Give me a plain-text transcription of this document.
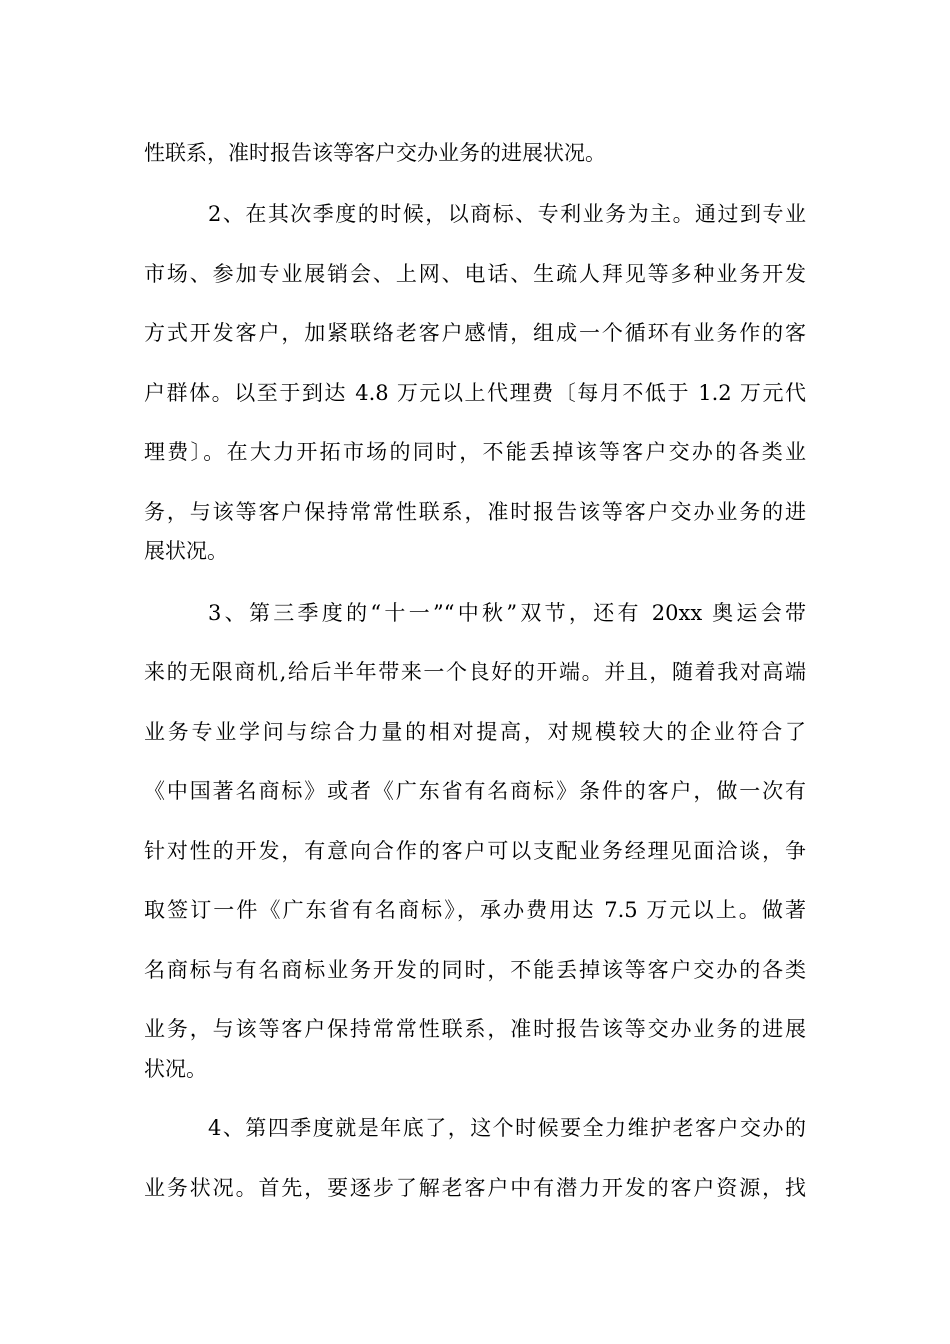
性联系，准时报告该等客户交办业务的进展状况。
2、在其次季度的时候，以商标、专利业务为主。通过到专业
市场、参加专业展销会、上网、电话、生疏人拜见等多种业务开发
方式开发客户，加紧联络老客户感情，组成一个循环有业务作的客
户群体。以至于到达 4.8 万元以上代理费〔每月不低于 1.2 万元代
理费〕。在大力开拓市场的同时，不能丢掉该等客户交办的各类业
务，与该等客户保持常常性联系，准时报告该等客户交办业务的进
展状况。
3、第三季度的“十一”“中秋”双节，还有 20xx 奥运会带
来的无限商机,给后半年带来一个良好的开端。并且，随着我对高端
业务专业学问与综合力量的相对提高，对规模较大的企业符合了
《中国著名商标》或者《广东省有名商标》条件的客户，做一次有
针对性的开发，有意向合作的客户可以支配业务经理见面洽谈，争
取签订一件《广东省有名商标》，承办费用达 7.5 万元以上。做著
名商标与有名商标业务开发的同时，不能丢掉该等客户交办的各类
业务，与该等客户保持常常性联系，准时报告该等交办业务的进展
状况。
4、第四季度就是年底了，这个时候要全力维护老客户交办的
业务状况。首先，要逐步了解老客户中有潜力开发的客户资源，找
